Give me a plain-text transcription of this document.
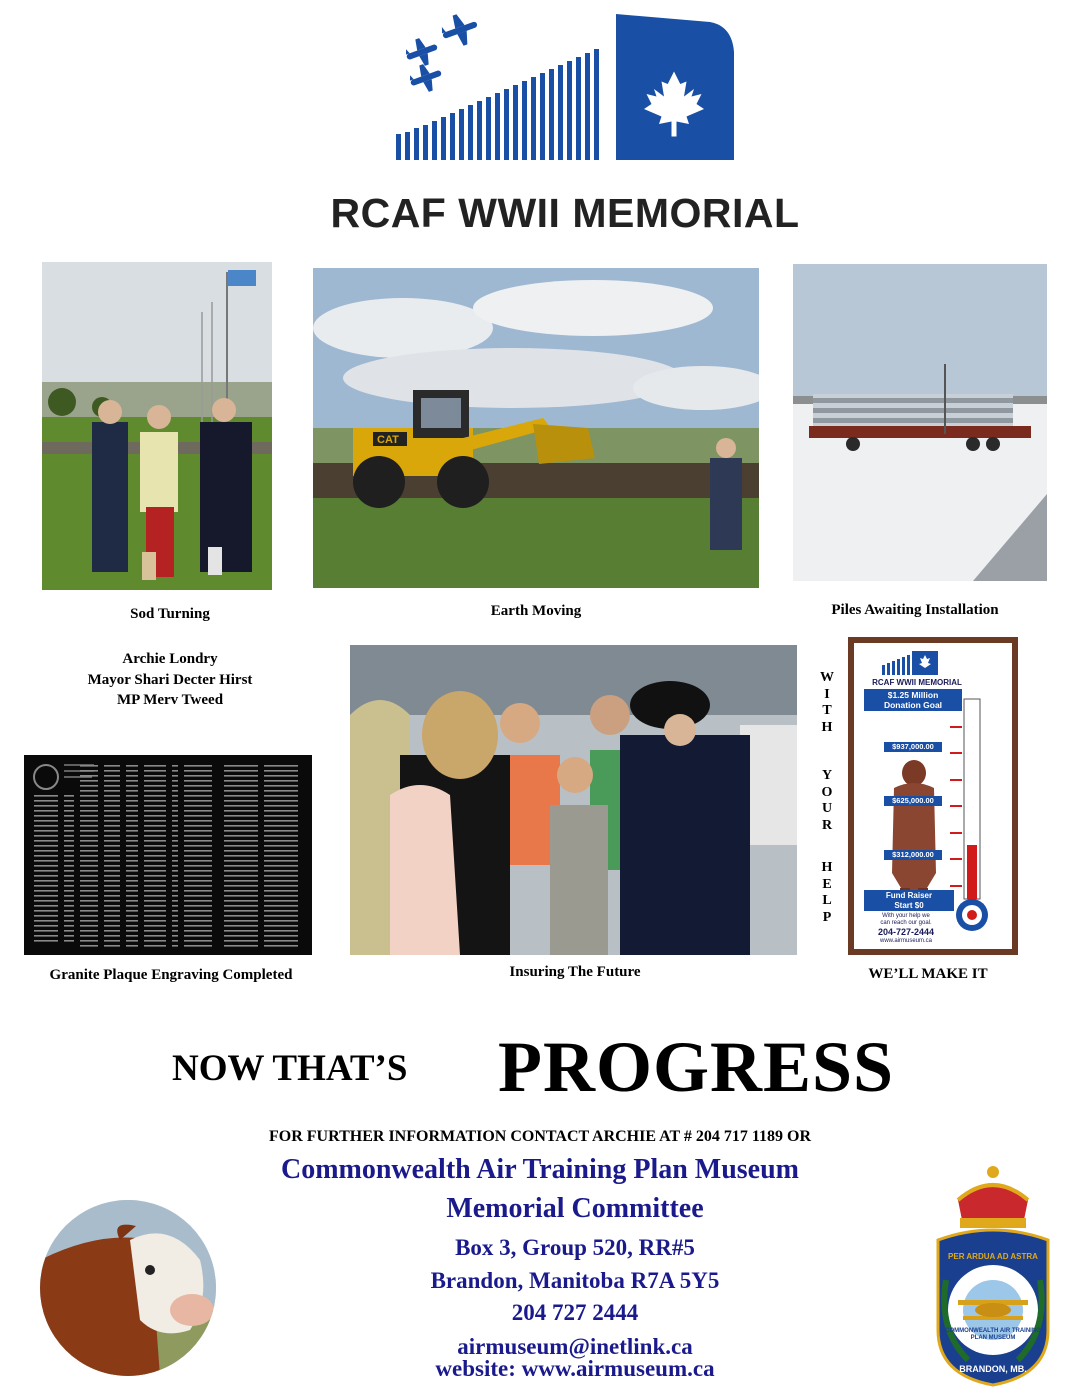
RCAF WWII MEMORIAL
Sod Turning
Archie Londry
Mayor Shari Decter Hirst
MP Merv Tweed
CAT
Earth Moving	Piles Awaiting Installation
Granite Plaque Engraving Completed	Insuring The Future
W
I
T
H
Y
O
U
R
H
E
L
P
RCAF WWII MEMORIAL
$1.25 Million
Donation Goal
$937,000.00
$625,000.00
$312,000.00
Fund Raiser
Start $0
With your help we
can reach our goal.
204-727-2444
www.airmuseum.ca
WE’LL MAKE IT
NOW THAT’S PROGRESS
FOR FURTHER INFORMATION CONTACT ARCHIE AT # 204 717 1189 OR
Commonwealth Air Training Plan Museum
Memorial Committee
Box 3, Group 520, RR#5
Brandon, Manitoba R7A 5Y5
204 727 2444
airmuseum@inetlink.ca
website: www.airmuseum.ca
PER ARDUA AD ASTRA
BRANDON, MB.
COMMONWEALTH AIR TRAINING PLAN MUSEUM
